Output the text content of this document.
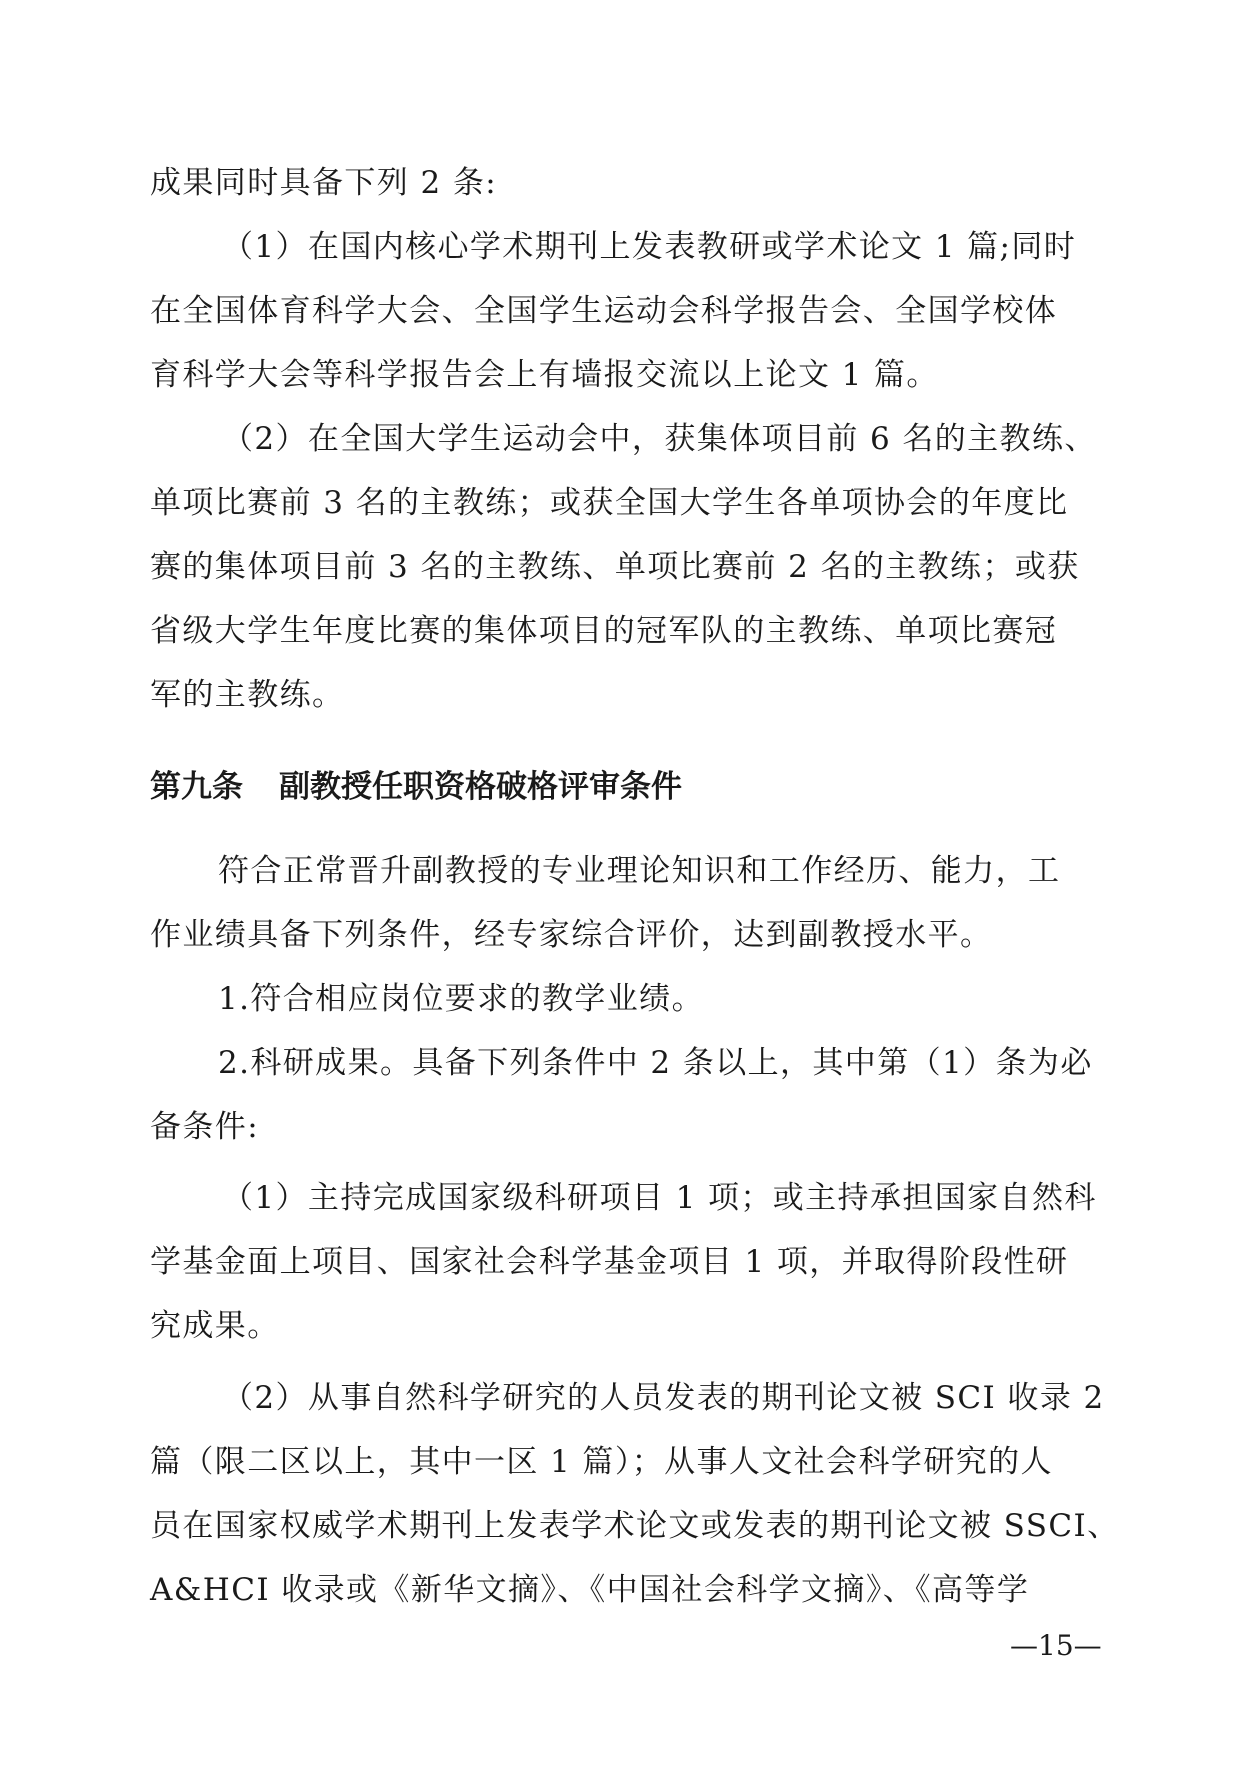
成果同时具备下列 2 条:
（1）在国内核心学术期刊上发表教研或学术论文 1 篇;同时
在全国体育科学大会、全国学生运动会科学报告会、全国学校体
育科学大会等科学报告会上有墙报交流以上论文 1 篇。
（2）在全国大学生运动会中，获集体项目前 6 名的主教练、
单项比赛前 3 名的主教练；或获全国大学生各单项协会的年度比
赛的集体项目前 3 名的主教练、单项比赛前 2 名的主教练；或获
省级大学生年度比赛的集体项目的冠军队的主教练、单项比赛冠
军的主教练。
第九条 副教授任职资格破格评审条件
符合正常晋升副教授的专业理论知识和工作经历、能力，工
作业绩具备下列条件，经专家综合评价，达到副教授水平。
1.符合相应岗位要求的教学业绩。
2.科研成果。具备下列条件中 2 条以上，其中第（1）条为必
备条件:
（1）主持完成国家级科研项目 1 项；或主持承担国家自然科
学基金面上项目、国家社会科学基金项目 1 项，并取得阶段性研
究成果。
（2）从事自然科学研究的人员发表的期刊论文被 SCI 收录 2
篇（限二区以上，其中一区 1 篇）；从事人文社会科学研究的人
员在国家权威学术期刊上发表学术论文或发表的期刊论文被 SSCI、
A&HCI 收录或《新华文摘》、《中国社会科学文摘》、《高等学
—15—
